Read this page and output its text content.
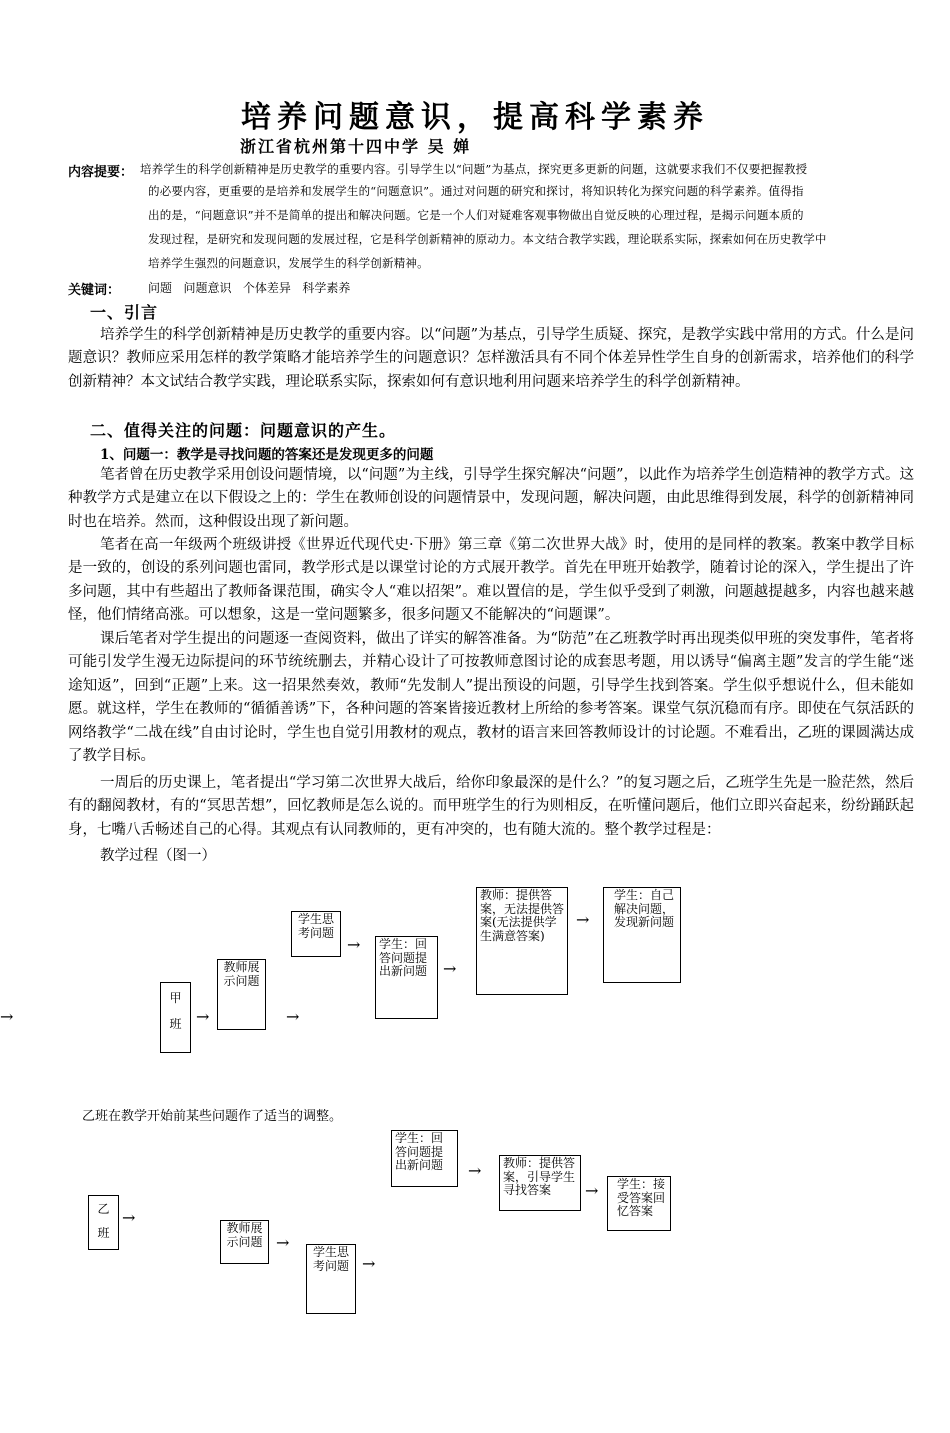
培养问题意识，提高科学素养
浙江省杭州第十四中学 吴 婵
内容提要： 培养学生的科学创新精神是历史教学的重要内容。引导学生以“问题”为基点，探究更多更新的问题，这就要求我们不仅要把握教授
的必要内容，更重要的是培养和发展学生的“问题意识”。通过对问题的研究和探讨，将知识转化为探究问题的科学素养。值得指
出的是，“问题意识”并不是简单的提出和解决问题。它是一个人们对疑难客观事物做出自觉反映的心理过程，是揭示问题本质的
发现过程，是研究和发现问题的发展过程，它是科学创新精神的原动力。本文结合教学实践，理论联系实际，探索如何在历史教学中
培养学生强烈的问题意识，发展学生的科学创新精神。
关键词： 问题   问题意识   个体差异   科学素养
一、引言
培养学生的科学创新精神是历史教学的重要内容。以“问题”为基点，引导学生质疑、探究，是教学实践中常用的方式。什么是问题意识？教师应采用怎样的教学策略才能培养学生的问题意识？怎样激活具有不同个体差异性学生自身的创新需求，培养他们的科学创新精神？本文试结合教学实践，理论联系实际，探索如何有意识地利用问题来培养学生的科学创新精神。
二、值得关注的问题：问题意识的产生。
1、问题一：教学是寻找问题的答案还是发现更多的问题
笔者曾在历史教学采用创设问题情境，以“问题”为主线，引导学生探究解决“问题”，以此作为培养学生创造精神的教学方式。这种教学方式是建立在以下假设之上的：学生在教师创设的问题情景中，发现问题，解决问题，由此思维得到发展，科学的创新精神同时也在培养。然而，这种假设出现了新问题。
笔者在高一年级两个班级讲授《世界近代现代史·下册》第三章《第二次世界大战》时，使用的是同样的教案。教案中教学目标是一致的，创设的系列问题也雷同，教学形式是以课堂讨论的方式展开教学。首先在甲班开始教学，随着讨论的深入，学生提出了许多问题，其中有些超出了教师备课范围，确实令人“难以招架”。难以置信的是，学生似乎受到了刺激，问题越提越多，内容也越来越怪，他们情绪高涨。可以想象，这是一堂问题繁多，很多问题又不能解决的“问题课”。
课后笔者对学生提出的问题逐一查阅资料，做出了详实的解答准备。为“防范”在乙班教学时再出现类似甲班的突发事件，笔者将可能引发学生漫无边际提问的环节统统删去，并精心设计了可按教师意图讨论的成套思考题，用以诱导“偏离主题”发言的学生能“迷途知返”，回到“正题”上来。这一招果然奏效，教师“先发制人”提出预设的问题，引导学生找到答案。学生似乎想说什么，但未能如愿。就这样，学生在教师的“循循善诱”下，各种问题的答案皆接近教材上所给的参考答案。课堂气氛沉稳而有序。即使在气氛活跃的网络教学“二战在线”自由讨论时，学生也自觉引用教材的观点，教材的语言来回答教师设计的讨论题。不难看出，乙班的课圆满达成了教学目标。
一周后的历史课上，笔者提出“学习第二次世界大战后，给你印象最深的是什么？”的复习题之后，乙班学生先是一脸茫然，然后有的翻阅教材，有的“冥思苦想”，回忆教师是怎么说的。而甲班学生的行为则相反，在听懂问题后，他们立即兴奋起来，纷纷踊跃起身，七嘴八舌畅述自己的心得。其观点有认同教师的，更有冲突的，也有随大流的。整个教学过程是：
教学过程（图一）
→
甲 班 →
教师展示问题
→
学生思考问题
→	学生：回答问题提出新问题 →
教师：提供答案，无法提供答案(无法提供学生满意答案)
→
学生：自己解决问题，发现新问题
乙班在教学开始前某些问题作了适当的调整。
乙 班
→
教师展示问题 →	学生思考问题 →
学生：回答问题提出新问题	→	教师：提供答案，引导学生寻找答案	→	学生：接受答案回忆答案
